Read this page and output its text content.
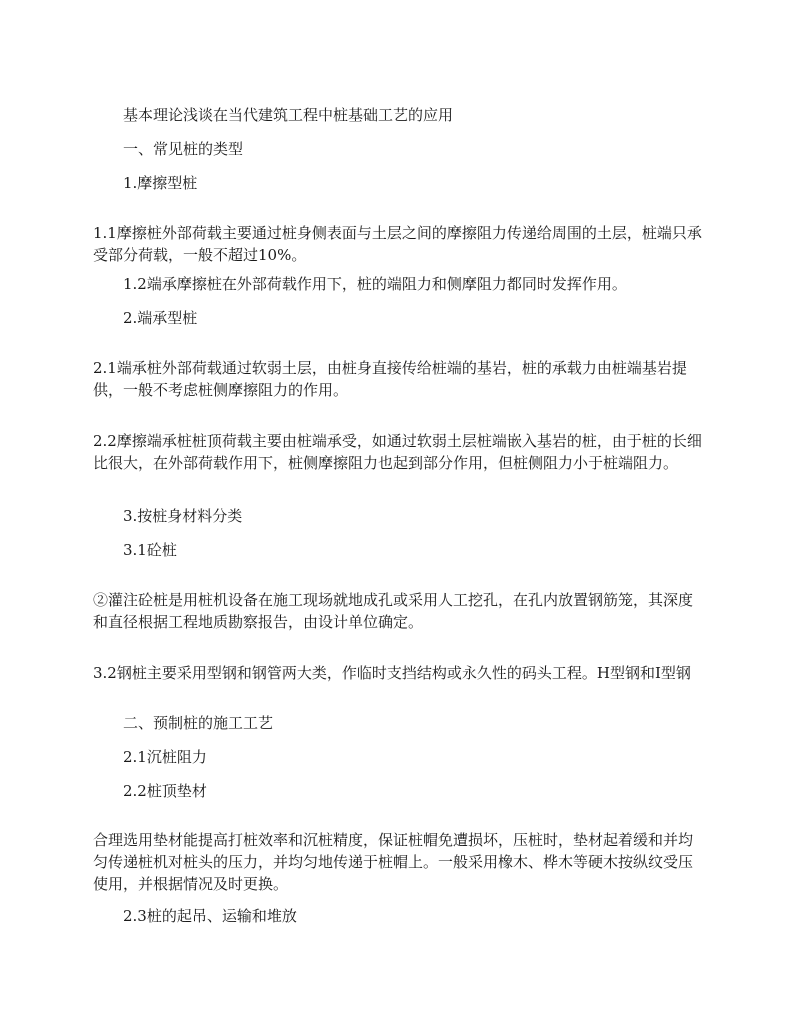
基本理论浅谈在当代建筑工程中桩基础工艺的应用
一、常见桩的类型
1.摩擦型桩
1.1摩擦桩外部荷载主要通过桩身侧表面与土层之间的摩擦阻力传递给周围的土层，桩端只承受部分荷载，一般不超过10%。
1.2端承摩擦桩在外部荷载作用下，桩的端阻力和侧摩阻力都同时发挥作用。
2.端承型桩
2.1端承桩外部荷载通过软弱土层，由桩身直接传给桩端的基岩，桩的承载力由桩端基岩提供，一般不考虑桩侧摩擦阻力的作用。
2.2摩擦端承桩桩顶荷载主要由桩端承受，如通过软弱土层桩端嵌入基岩的桩，由于桩的长细比很大，在外部荷载作用下，桩侧摩擦阻力也起到部分作用，但桩侧阻力小于桩端阻力。
3.按桩身材料分类
3.1砼桩
②灌注砼桩是用桩机设备在施工现场就地成孔或采用人工挖孔，在孔内放置钢筋笼，其深度和直径根据工程地质勘察报告，由设计单位确定。
3.2钢桩主要采用型钢和钢管两大类，作临时支挡结构或永久性的码头工程。H型钢和I型钢
二、预制桩的施工工艺
2.1沉桩阻力
2.2桩顶垫材
合理选用垫材能提高打桩效率和沉桩精度，保证桩帽免遭损坏，压桩时，垫材起着缓和并均匀传递桩机对桩头的压力，并均匀地传递于桩帽上。一般采用橡木、桦木等硬木按纵纹受压使用，并根据情况及时更换。
2.3桩的起吊、运输和堆放
